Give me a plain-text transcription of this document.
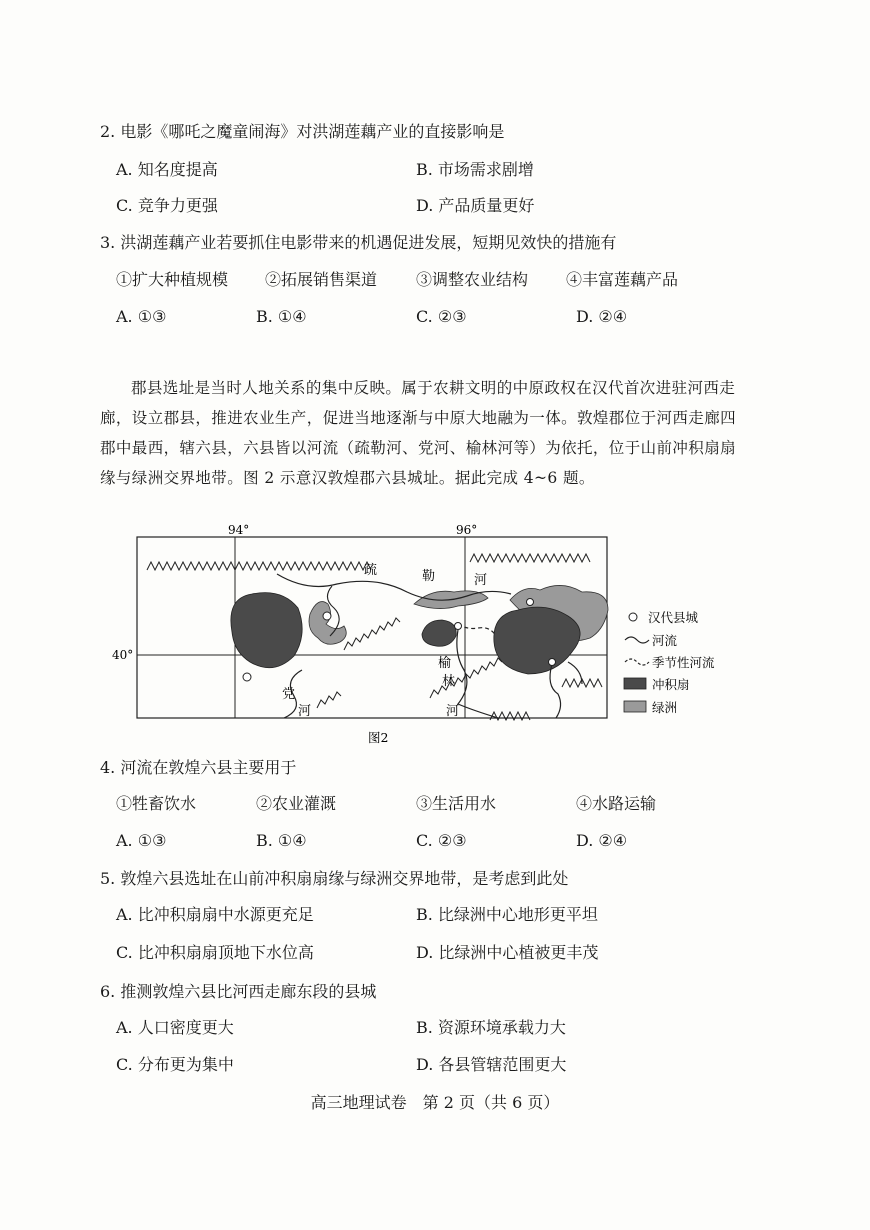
2. 电影《哪吒之魔童闹海》对洪湖莲藕产业的直接影响是
A. 知名度提高	B. 市场需求剧增
C. 竞争力更强	D. 产品质量更好
3. 洪湖莲藕产业若要抓住电影带来的机遇促进发展，短期见效快的措施有
①扩大种植规模 ②拓展销售渠道 ③调整农业结构 ④丰富莲藕产品
A. ①③	B. ①④	C. ②③	D. ②④

郡县选址是当时人地关系的集中反映。属于农耕文明的中原政权在汉代首次进驻河西走廊，设立郡县，推进农业生产，促进当地逐渐与中原大地融为一体。敦煌郡位于河西走廊四郡中最西，辖六县，六县皆以河流（疏勒河、党河、榆林河等）为依托，位于山前冲积扇扇缘与绿洲交界地带。图 2 示意汉敦煌郡六县城址。据此完成 4~6 题。

94°	96°
40°
疏	勒	河
党
河
榆
林
河
汉代县城
河流
季节性河流
冲积扇
绿洲
图2
4. 河流在敦煌六县主要用于
①牲畜饮水	②农业灌溉	③生活用水	④水路运输
A. ①③	B. ①④	C. ②③	D. ②④
5. 敦煌六县选址在山前冲积扇扇缘与绿洲交界地带，是考虑到此处
A. 比冲积扇扇中水源更充足	B. 比绿洲中心地形更平坦
C. 比冲积扇扇顶地下水位高	D. 比绿洲中心植被更丰茂
6. 推测敦煌六县比河西走廊东段的县城
A. 人口密度更大	B. 资源环境承载力大
C. 分布更为集中	D. 各县管辖范围更大
高三地理试卷　第 2 页（共 6 页）
